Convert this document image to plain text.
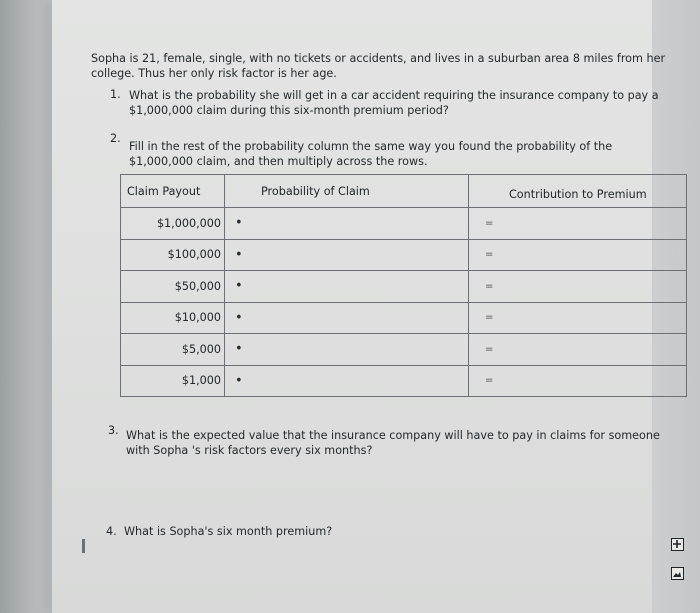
Sopha is 21, female, single, with no tickets or accidents, and lives in a suburban area 8 miles from her
college. Thus her only risk factor is her age.
1. What is the probability she will get in a car accident requiring the insurance company to pay a
$1,000,000 claim during this six-month premium period?
2.
Fill in the rest of the probability column the same way you found the probability of the
$1,000,000 claim, and then multiply across the rows.
Claim Payout	Probability of Claim	Contribution to Premium
$1,000,000	•	=
$100,000	•	=
$50,000	•	=
$10,000	•	=
$5,000	•	=
$1,000	•	=
3. What is the expected value that the insurance company will have to pay in claims for someone
with Sopha 's risk factors every six months?
4. What is Sopha's six month premium?
